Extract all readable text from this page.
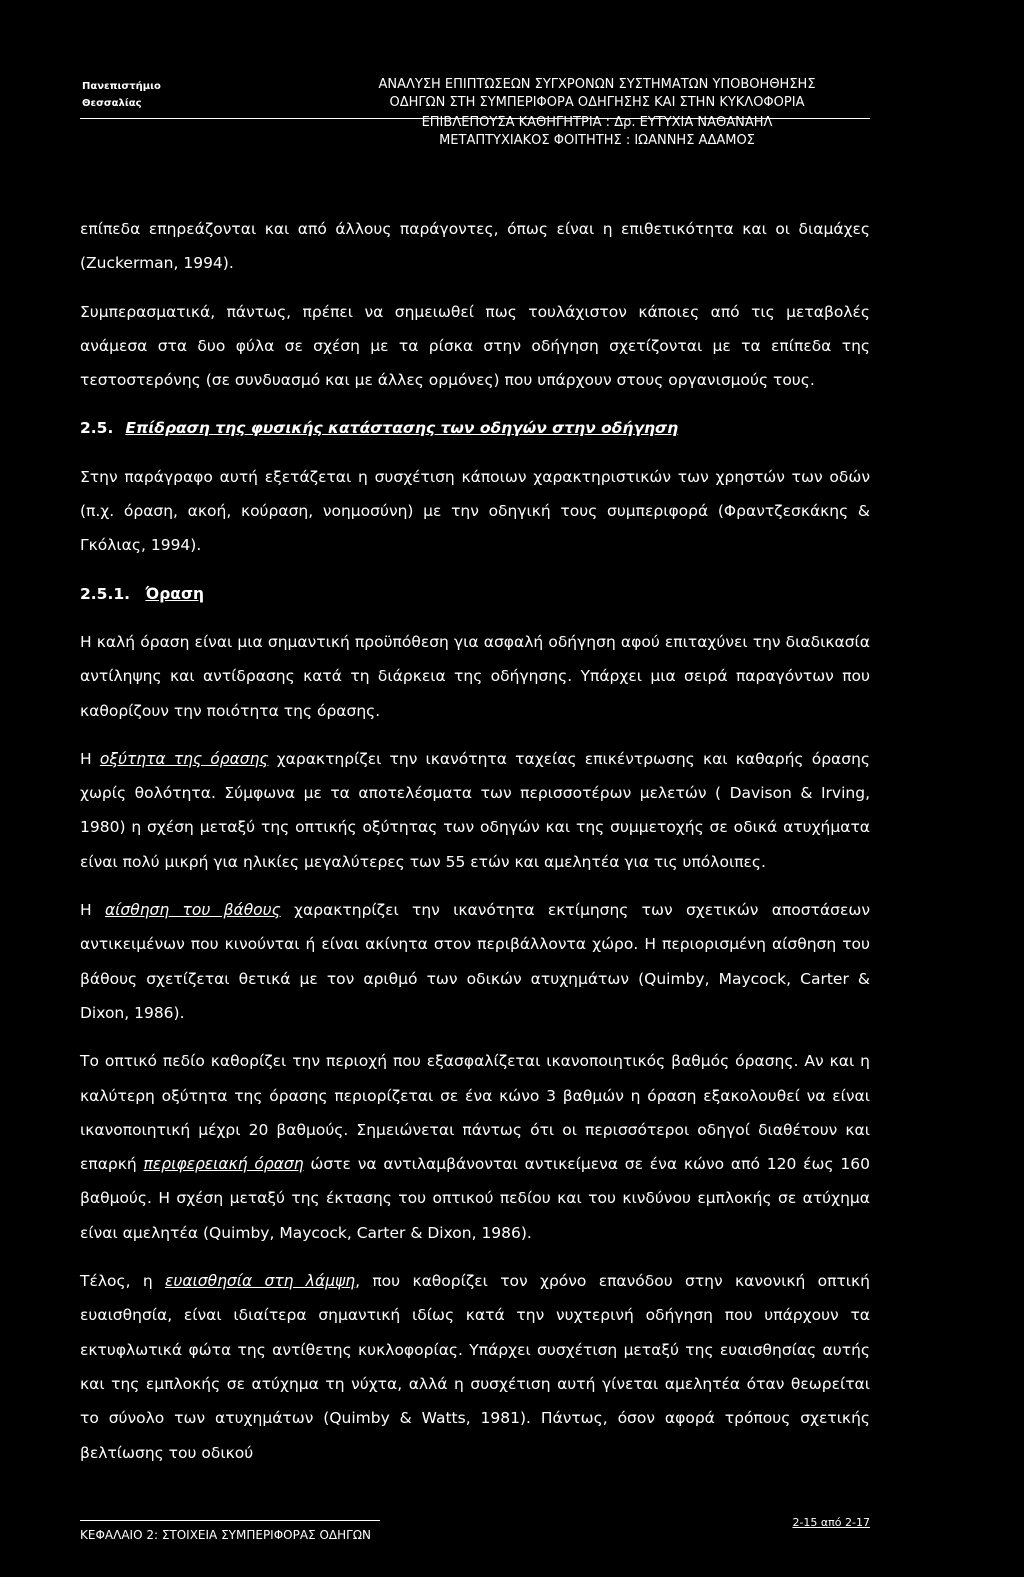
Πανεπιστήμιο
Θεσσαλίας
ΑΝΑΛΥΣΗ ΕΠΙΠΤΩΣΕΩΝ ΣΥΓΧΡΟΝΩΝ ΣΥΣΤΗΜΑΤΩΝ ΥΠΟΒΟΗΘΗΣΗΣ
ΟΔΗΓΩΝ ΣΤΗ ΣΥΜΠΕΡΙΦΟΡΑ ΟΔΗΓΗΣΗΣ ΚΑΙ ΣΤΗΝ ΚΥΚΛΟΦΟΡΙΑ
ΕΠΙΒΛΕΠΟΥΣΑ ΚΑΘΗΓΗΤΡΙΑ : Δρ. ΕΥΤΥΧΙΑ ΝΑΘΑΝΑΗΛ
ΜΕΤΑΠΤΥΧΙΑΚΟΣ ΦΟΙΤΗΤΗΣ : ΙΩΑΝΝΗΣ ΑΔΑΜΟΣ

επίπεδα επηρεάζονται και από άλλους παράγοντες, όπως είναι η επιθετικότητα και οι διαμάχες (Zuckerman, 1994).

Συμπερασματικά, πάντως, πρέπει να σημειωθεί πως τουλάχιστον κάποιες από τις μεταβολές ανάμεσα στα δυο φύλα σε σχέση με τα ρίσκα στην οδήγηση σχετίζονται με τα επίπεδα της τεστοστερόνης (σε συνδυασμό και με άλλες ορμόνες) που υπάρχουν στους οργανισμούς τους.

2.5. Επίδραση της φυσικής κατάστασης των οδηγών στην οδήγηση

Στην παράγραφο αυτή εξετάζεται η συσχέτιση κάποιων χαρακτηριστικών των χρηστών των οδών (π.χ. όραση, ακοή, κούραση, νοημοσύνη) με την οδηγική τους συμπεριφορά (Φραντζεσκάκης & Γκόλιας, 1994).

2.5.1. Όραση

Η καλή όραση είναι μια σημαντική προϋπόθεση για ασφαλή οδήγηση αφού επιταχύνει την διαδικασία αντίληψης και αντίδρασης κατά τη διάρκεια της οδήγησης. Υπάρχει μια σειρά παραγόντων που καθορίζουν την ποιότητα της όρασης.

Η οξύτητα της όρασης χαρακτηρίζει την ικανότητα ταχείας επικέντρωσης και καθαρής όρασης χωρίς θολότητα. Σύμφωνα με τα αποτελέσματα των περισσοτέρων μελετών ( Davison & Irving, 1980) η σχέση μεταξύ της οπτικής οξύτητας των οδηγών και της συμμετοχής σε οδικά ατυχήματα είναι πολύ μικρή για ηλικίες μεγαλύτερες των 55 ετών και αμελητέα για τις υπόλοιπες.

Η αίσθηση του βάθους χαρακτηρίζει την ικανότητα εκτίμησης των σχετικών αποστάσεων αντικειμένων που κινούνται ή είναι ακίνητα στον περιβάλλοντα χώρο. Η περιορισμένη αίσθηση του βάθους σχετίζεται θετικά με τον αριθμό των οδικών ατυχημάτων (Quimby, Maycock, Carter & Dixon, 1986).

Το οπτικό πεδίο καθορίζει την περιοχή που εξασφαλίζεται ικανοποιητικός βαθμός όρασης. Αν και η καλύτερη οξύτητα της όρασης περιορίζεται σε ένα κώνο 3 βαθμών η όραση εξακολουθεί να είναι ικανοποιητική μέχρι 20 βαθμούς. Σημειώνεται πάντως ότι οι περισσότεροι οδηγοί διαθέτουν και επαρκή περιφερειακή όραση ώστε να αντιλαμβάνονται αντικείμενα σε ένα κώνο από 120 έως 160 βαθμούς. Η σχέση μεταξύ της έκτασης του οπτικού πεδίου και του κινδύνου εμπλοκής σε ατύχημα είναι αμελητέα (Quimby, Maycock, Carter & Dixon, 1986).

Τέλος, η ευαισθησία στη λάμψη, που καθορίζει τον χρόνο επανόδου στην κανονική οπτική ευαισθησία, είναι ιδιαίτερα σημαντική ιδίως κατά την νυχτερινή οδήγηση που υπάρχουν τα εκτυφλωτικά φώτα της αντίθετης κυκλοφορίας. Υπάρχει συσχέτιση μεταξύ της ευαισθησίας αυτής και της εμπλοκής σε ατύχημα τη νύχτα, αλλά η συσχέτιση αυτή γίνεται αμελητέα όταν θεωρείται το σύνολο των ατυχημάτων (Quimby & Watts, 1981). Πάντως, όσον αφορά τρόπους σχετικής βελτίωσης του οδικού

ΚΕΦΑΛΑΙΟ 2: ΣΤΟΙΧΕΙΑ ΣΥΜΠΕΡΙΦΟΡΑΣ ΟΔΗΓΩΝ
2-15 από 2-17
